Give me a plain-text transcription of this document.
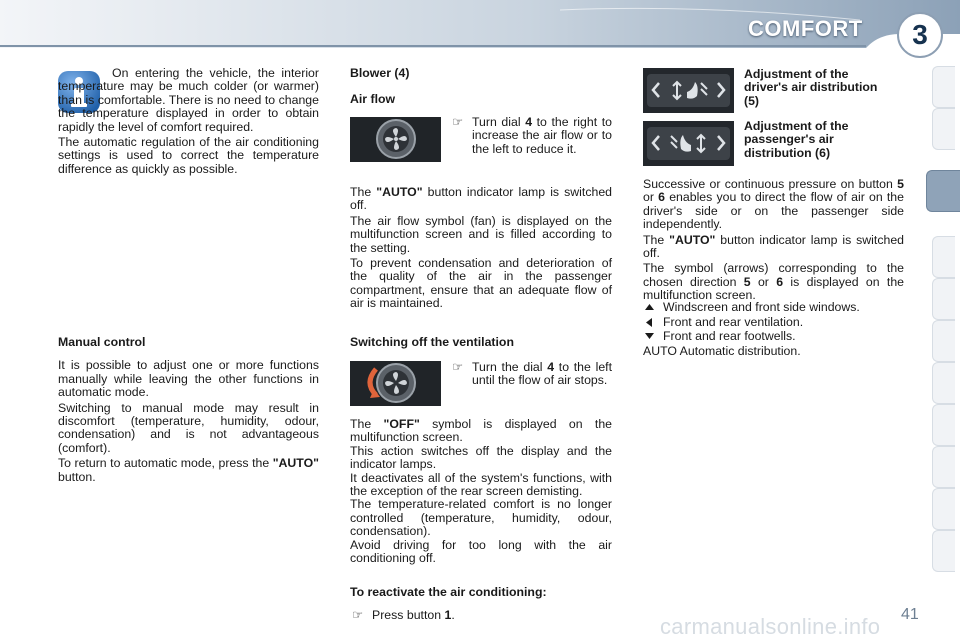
COMFORT	3

On entering the vehicle, the interior temperature may be much colder (or warmer) than is comfortable. There is no need to change the temperature displayed in order to obtain rapidly the level of comfort required.

The automatic regulation of the air conditioning settings is used to correct the temperature difference as quickly as possible.

Manual control

It is possible to adjust one or more functions manually while leaving the other functions in automatic mode.

Switching to manual mode may result in discomfort (temperature, humidity, odour, condensation) and is not advantageous (comfort).

To return to automatic mode, press the "AUTO" button.

Blower (4)

Air flow

☞ Turn dial 4 to the right to increase the air flow or to the left to reduce it.

The "AUTO" button indicator lamp is switched off.

The air flow symbol (fan) is displayed on the multifunction screen and is filled according to the setting.

To prevent condensation and deterioration of the quality of the air in the passenger compartment, ensure that an adequate flow of air is maintained.

Switching off the ventilation

☞ Turn the dial 4 to the left until the flow of air stops.

The "OFF" symbol is displayed on the multifunction screen.

This action switches off the display and the indicator lamps.

It deactivates all of the system's functions, with the exception of the rear screen demisting.

The temperature-related comfort is no longer controlled (temperature, humidity, odour, condensation).

Avoid driving for too long with the air conditioning off.

To reactivate the air conditioning:

☞ Press button 1.

Adjustment of the driver's air distribution (5)

Adjustment of the passenger's air distribution (6)

Successive or continuous pressure on button 5 or 6 enables you to direct the flow of air on the driver's side or on the passenger side independently.

The "AUTO" button indicator lamp is switched off.

The symbol (arrows) corresponding to the chosen direction 5 or 6 is displayed on the multifunction screen.

Windscreen and front side windows.
Front and rear ventilation.
Front and rear footwells.
AUTO Automatic distribution.
carmanualsonline.info 41
